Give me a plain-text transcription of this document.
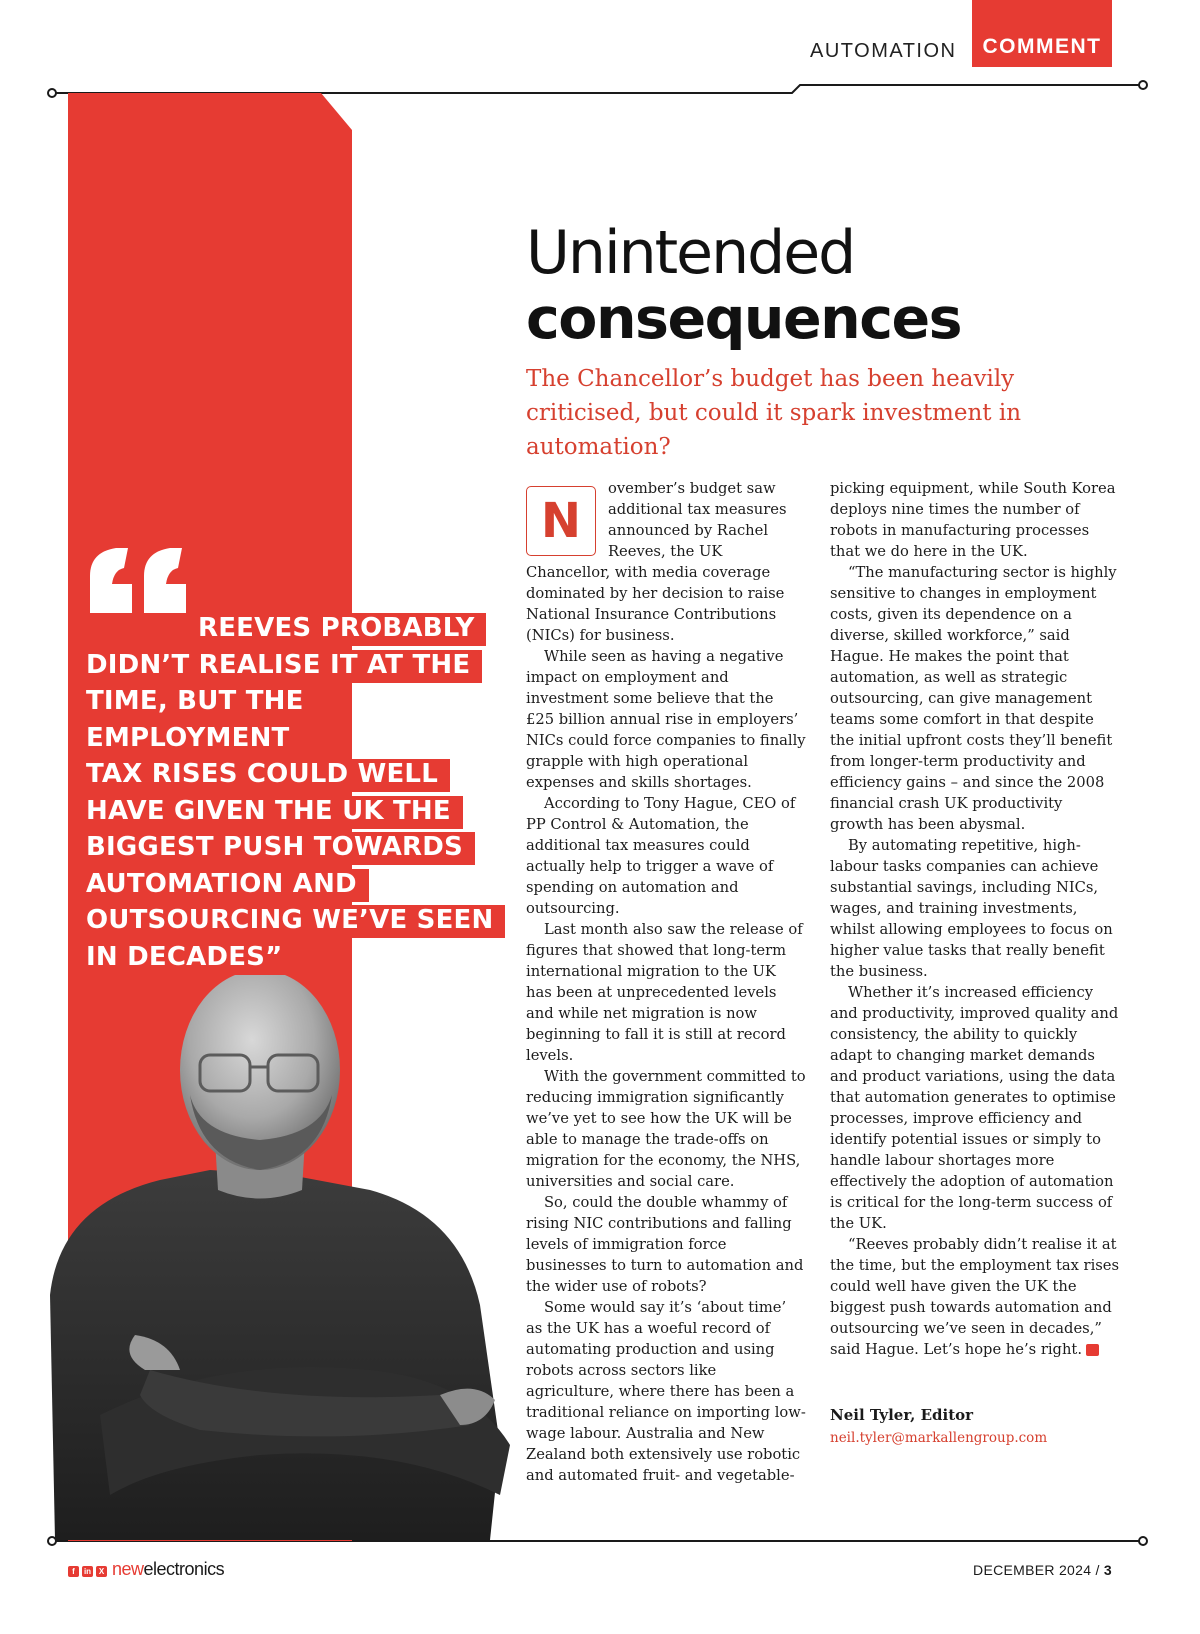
AUTOMATION	COMMENT

REEVES PROBABLY
DIDN’T REALISE IT AT THE
TIME, BUT THE EMPLOYMENT
TAX RISES COULD WELL
HAVE GIVEN THE UK THE
BIGGEST PUSH TOWARDS
AUTOMATION AND
OUTSOURCING WE’VE SEEN
IN DECADES”

Unintended
consequences

The Chancellor’s budget has been heavily criticised, but could it spark investment in automation?

N

ovember’s budget saw additional tax measures announced by Rachel Reeves, the UK Chancellor, with media coverage dominated by her decision to raise National Insurance Contributions (NICs) for business.

While seen as having a negative impact on employment and investment some believe that the £25 billion annual rise in employers’ NICs could force companies to finally grapple with high operational expenses and skills shortages.

According to Tony Hague, CEO of PP Control & Automation, the additional tax measures could actually help to trigger a wave of spending on automation and outsourcing.

Last month also saw the release of figures that showed that long-term international migration to the UK has been at unprecedented levels and while net migration is now beginning to fall it is still at record levels.

With the government committed to reducing immigration significantly we’ve yet to see how the UK will be able to manage the trade-offs on migration for the economy, the NHS, universities and social care.

So, could the double whammy of rising NIC contributions and falling levels of immigration force businesses to turn to automation and the wider use of robots?

Some would say it’s ‘about time’ as the UK has a woeful record of automating production and using robots across sectors like agriculture, where there has been a traditional reliance on importing low-wage labour. Australia and New Zealand both extensively use robotic and automated fruit- and vegetable-

picking equipment, while South Korea deploys nine times the number of robots in manufacturing processes that we do here in the UK.

“The manufacturing sector is highly sensitive to changes in employment costs, given its dependence on a diverse, skilled workforce,” said Hague. He makes the point that automation, as well as strategic outsourcing, can give management teams some comfort in that despite the initial upfront costs they’ll benefit from longer-term productivity and efficiency gains – and since the 2008 financial crash UK productivity growth has been abysmal.

By automating repetitive, high-labour tasks companies can achieve substantial savings, including NICs, wages, and training investments, whilst allowing employees to focus on higher value tasks that really benefit the business.

Whether it’s increased efficiency and productivity, improved quality and consistency, the ability to quickly adapt to changing market demands and product variations, using the data that automation generates to optimise processes, improve efficiency and identify potential issues or simply to handle labour shortages more effectively the adoption of automation is critical for the long-term success of the UK.

“Reeves probably didn’t realise it at the time, but the employment tax rises could well have given the UK the biggest push towards automation and outsourcing we’ve seen in decades,” said Hague. Let’s hope he’s right.	NE

Neil Tyler, Editor

neil.tyler@markallengroup.com

f	in X newelectronics	DECEMBER 2024 / 3
